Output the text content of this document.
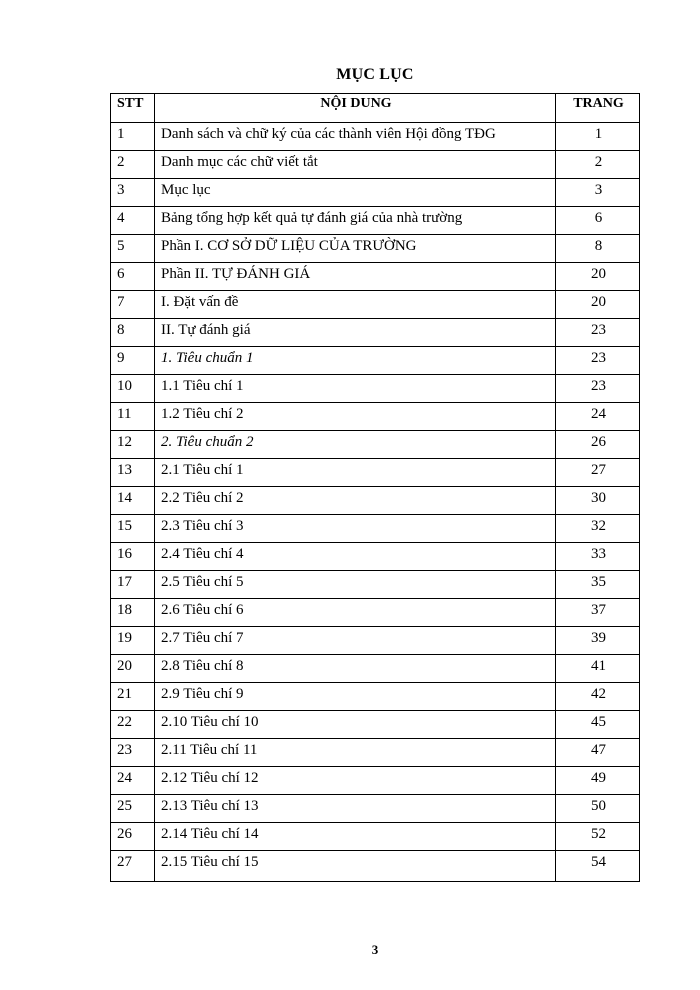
MỤC LỤC
STT	NỘI DUNG	TRANG
1	Danh sách và chữ ký của các thành viên Hội đồng TĐG	1
2	Danh mục các chữ viết tắt	2
3	Mục lục	3
4	Bảng tổng hợp kết quả tự đánh giá của nhà trường	6
5	Phần I. CƠ SỞ DỮ LIỆU CỦA TRƯỜNG	8
6	Phần II. TỰ ĐÁNH GIÁ	20
7	I. Đặt vấn đề	20
8	II. Tự đánh giá	23
9	1. Tiêu chuẩn 1	23
10	1.1 Tiêu chí 1	23
11	1.2 Tiêu chí 2	24
12	2. Tiêu chuẩn 2	26
13	2.1 Tiêu chí 1	27
14	2.2 Tiêu chí 2	30
15	2.3 Tiêu chí 3	32
16	2.4 Tiêu chí 4	33
17	2.5 Tiêu chí 5	35
18	2.6 Tiêu chí 6	37
19	2.7 Tiêu chí 7	39
20	2.8 Tiêu chí 8	41
21	2.9 Tiêu chí 9	42
22	2.10 Tiêu chí 10	45
23	2.11 Tiêu chí 11	47
24	2.12 Tiêu chí 12	49
25	2.13 Tiêu chí 13	50
26	2.14 Tiêu chí 14	52
27	2.15 Tiêu chí 15	54
3
